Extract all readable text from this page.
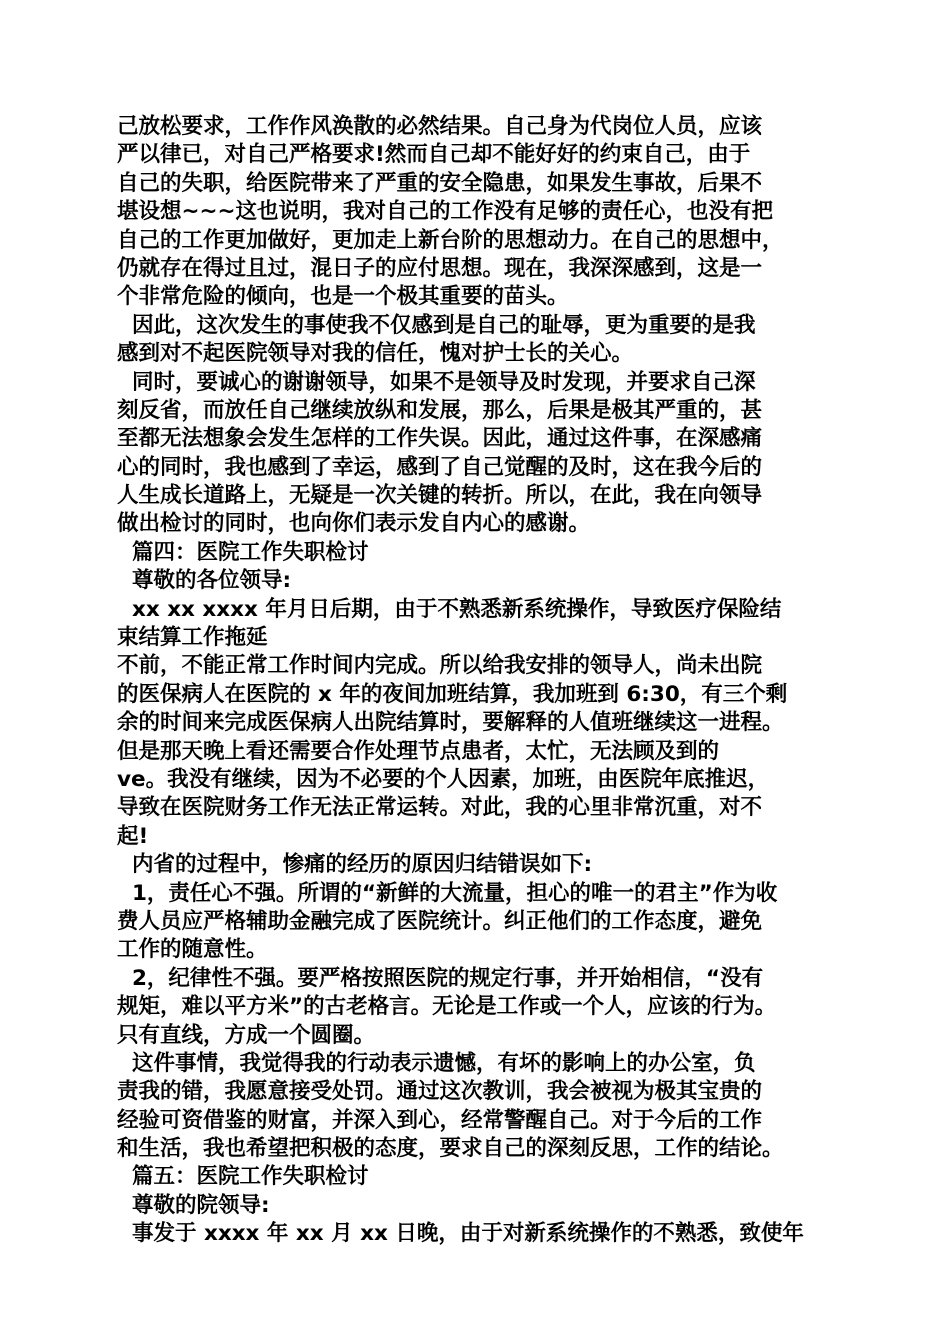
己放松要求，工作作风涣散的必然结果。自己身为代岗位人员，应该
严以律已，对自己严格要求!然而自己却不能好好的约束自己，由于
自己的失职，给医院带来了严重的安全隐患，如果发生事故，后果不
堪设想~~~这也说明，我对自己的工作没有足够的责任心，也没有把
自己的工作更加做好，更加走上新台阶的思想动力。在自己的思想中，
仍就存在得过且过，混日子的应付思想。现在，我深深感到，这是一
个非常危险的倾向，也是一个极其重要的苗头。
因此，这次发生的事使我不仅感到是自己的耻辱，更为重要的是我
感到对不起医院领导对我的信任，愧对护士长的关心。
同时，要诚心的谢谢领导，如果不是领导及时发现，并要求自己深
刻反省，而放任自己继续放纵和发展，那么，后果是极其严重的，甚
至都无法想象会发生怎样的工作失误。因此，通过这件事，在深感痛
心的同时，我也感到了幸运，感到了自己觉醒的及时，这在我今后的
人生成长道路上，无疑是一次关键的转折。所以，在此，我在向领导
做出检讨的同时，也向你们表示发自内心的感谢。
篇四：医院工作失职检讨
尊敬的各位领导:
xx xx xxxx 年月日后期，由于不熟悉新系统操作，导致医疗保险结
束结算工作拖延
不前，不能正常工作时间内完成。所以给我安排的领导人，尚未出院
的医保病人在医院的 x 年的夜间加班结算，我加班到 6:30，有三个剩
余的时间来完成医保病人出院结算时，要解释的人值班继续这一进程。
但是那天晚上看还需要合作处理节点患者，太忙，无法顾及到的
ve。我没有继续，因为不必要的个人因素，加班，由医院年底推迟，
导致在医院财务工作无法正常运转。对此，我的心里非常沉重，对不
起!
内省的过程中，惨痛的经历的原因归结错误如下:
1，责任心不强。所谓的“新鲜的大流量，担心的唯一的君主”作为收
费人员应严格辅助金融完成了医院统计。纠正他们的工作态度，避免
工作的随意性。
2，纪律性不强。要严格按照医院的规定行事，并开始相信，“没有
规矩，难以平方米”的古老格言。无论是工作或一个人，应该的行为。
只有直线，方成一个圆圈。
这件事情，我觉得我的行动表示遗憾，有坏的影响上的办公室，负
责我的错，我愿意接受处罚。通过这次教训，我会被视为极其宝贵的
经验可资借鉴的财富，并深入到心，经常警醒自己。对于今后的工作
和生活，我也希望把积极的态度，要求自己的深刻反思，工作的结论。
篇五：医院工作失职检讨
尊敬的院领导:
事发于 xxxx 年 xx 月 xx 日晚，由于对新系统操作的不熟悉，致使年
